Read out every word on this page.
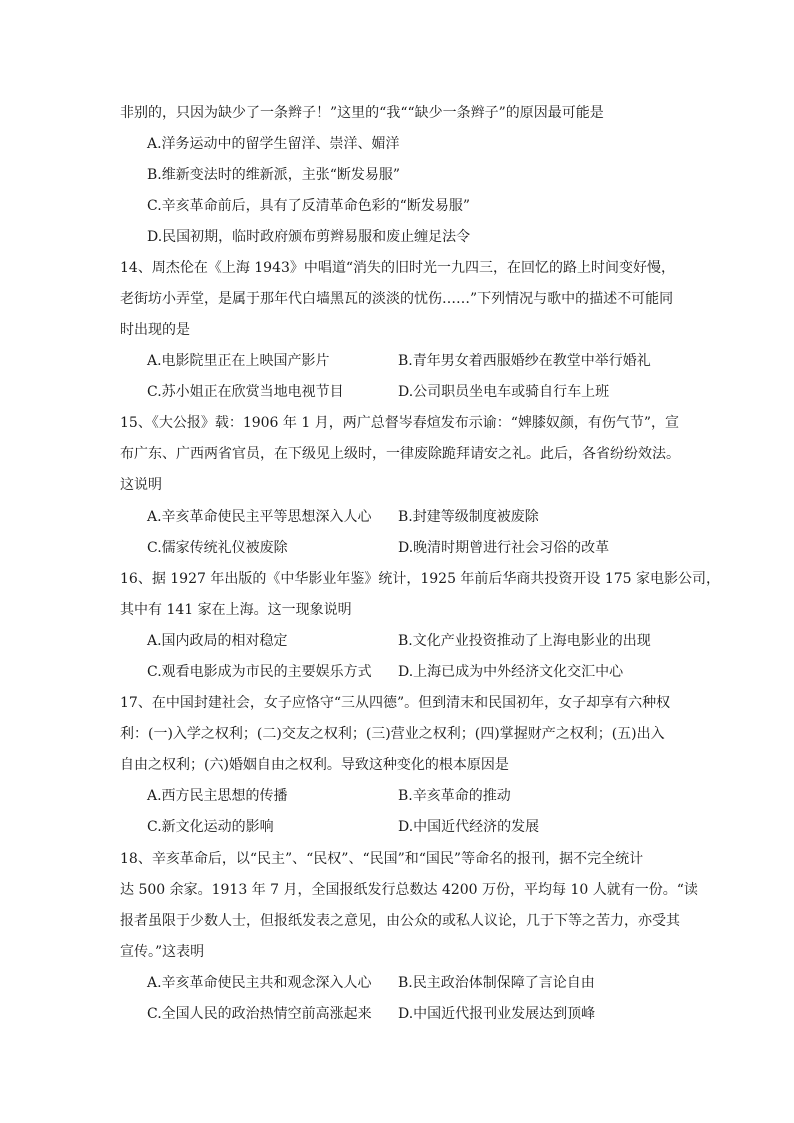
非别的，只因为缺少了一条辫子！”这里的“我““缺少一条辫子”的原因最可能是
A.洋务运动中的留学生留洋、崇洋、媚洋
B.维新变法时的维新派，主张“断发易服”
C.辛亥革命前后，具有了反清革命色彩的“断发易服”
D.民国初期，临时政府颁布剪辫易服和废止缠足法令
14、周杰伦在《上海 1943》中唱道“消失的旧时光一九四三，在回忆的路上时间变好慢，
老街坊小弄堂，是属于那年代白墙黑瓦的淡淡的忧伤……”下列情况与歌中的描述不可能同
时出现的是
A.电影院里正在上映国产影片	B.青年男女着西服婚纱在教堂中举行婚礼
C.苏小姐正在欣赏当地电视节目	D.公司职员坐电车或骑自行车上班
15、《大公报》载：1906 年 1 月，两广总督岑春煊发布示谕：“婢膝奴颜，有伤气节”，宣
布广东、广西两省官员，在下级见上级时，一律废除跪拜请安之礼。此后，各省纷纷效法。
这说明
A.辛亥革命使民主平等思想深入人心 B.封建等级制度被废除
C.儒家传统礼仪被废除	D.晚清时期曾进行社会习俗的改革
16、据 1927 年出版的《中华影业年鉴》统计，1925 年前后华商共投资开设 175 家电影公司，
其中有 141 家在上海。这一现象说明
A.国内政局的相对稳定	B.文化产业投资推动了上海电影业的出现
C.观看电影成为市民的主要娱乐方式 D.上海已成为中外经济文化交汇中心
17、在中国封建社会，女子应恪守“三从四德”。但到清末和民国初年，女子却享有六种权
利：(一)入学之权利；(二)交友之权利；(三)营业之权利；(四)掌握财产之权利；(五)出入
自由之权利；(六)婚姻自由之权利。导致这种变化的根本原因是
A.西方民主思想的传播	B.辛亥革命的推动
C.新文化运动的影响	D.中国近代经济的发展
18、辛亥革命后，以“民主”、“民权”、“民国”和“国民”等命名的报刊，据不完全统计
达 500 余家。1913 年 7 月，全国报纸发行总数达 4200 万份，平均每 10 人就有一份。“读
报者虽限于少数人士，但报纸发表之意见，由公众的或私人议论，几于下等之苦力，亦受其
宣传。”这表明
A.辛亥革命使民主共和观念深入人心 B.民主政治体制保障了言论自由
C.全国人民的政治热情空前高涨起来 D.中国近代报刊业发展达到顶峰
